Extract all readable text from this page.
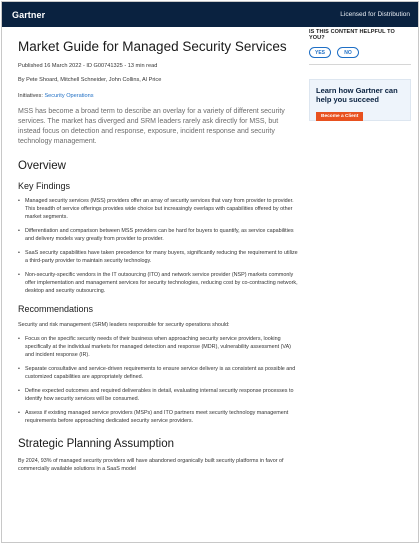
Gartner	Licensed for Distribution
Market Guide for Managed Security Services
Published 16 March 2022 - ID G00741325 - 13 min read
By Pete Shoard, Mitchell Schneider, John Collins, Al Price
Initiatives: Security Operations

MSS has become a broad term to describe an overlay for a variety of different security services. The market has diverged and SRM leaders rarely ask directly for MSS, but instead focus on detection and response, exposure, incident response and security technology management.

Overview
Key Findings
• Managed security services (MSS) providers offer an array of security services that vary from provider to provider. This breadth of service offerings provides wide choice but increasingly overlaps with capabilities offered by other market segments.
• Differentiation and comparison between MSS providers can be hard for buyers to quantify, as service capabilities and delivery models vary greatly from provider to provider.
• SaaS security capabilities have taken precedence for many buyers, significantly reducing the requirement to utilize a third-party provider to maintain security technology.
• Non-security-specific vendors in the IT outsourcing (ITO) and network service provider (NSP) markets commonly offer implementation and management services for security technologies, reducing cost by co-contracting network, desktop and security outsourcing.
Recommendations

Security and risk management (SRM) leaders responsible for security operations should:

• Focus on the specific security needs of their business when approaching security service providers, looking specifically at the individual markets for managed detection and response (MDR), vulnerability assessment (VA) and incident response (IR).
• Separate consultative and service-driven requirements to ensure service delivery is as consistent as possible and customized capabilities are appropriately defined.
• Define expected outcomes and required deliverables in detail, evaluating internal security response processes to identify how security services will be consumed.
• Assess if existing managed service providers (MSPs) and ITO partners meet security technology management requirements before approaching dedicated security service providers.
Strategic Planning Assumption

By 2024, 93% of managed security providers will have abandoned organically built security platforms in favor of commercially available solutions in a SaaS model

IS THIS CONTENT HELPFUL TO YOU?
YES	NO
Learn how Gartner can help you succeed
Become a Client
